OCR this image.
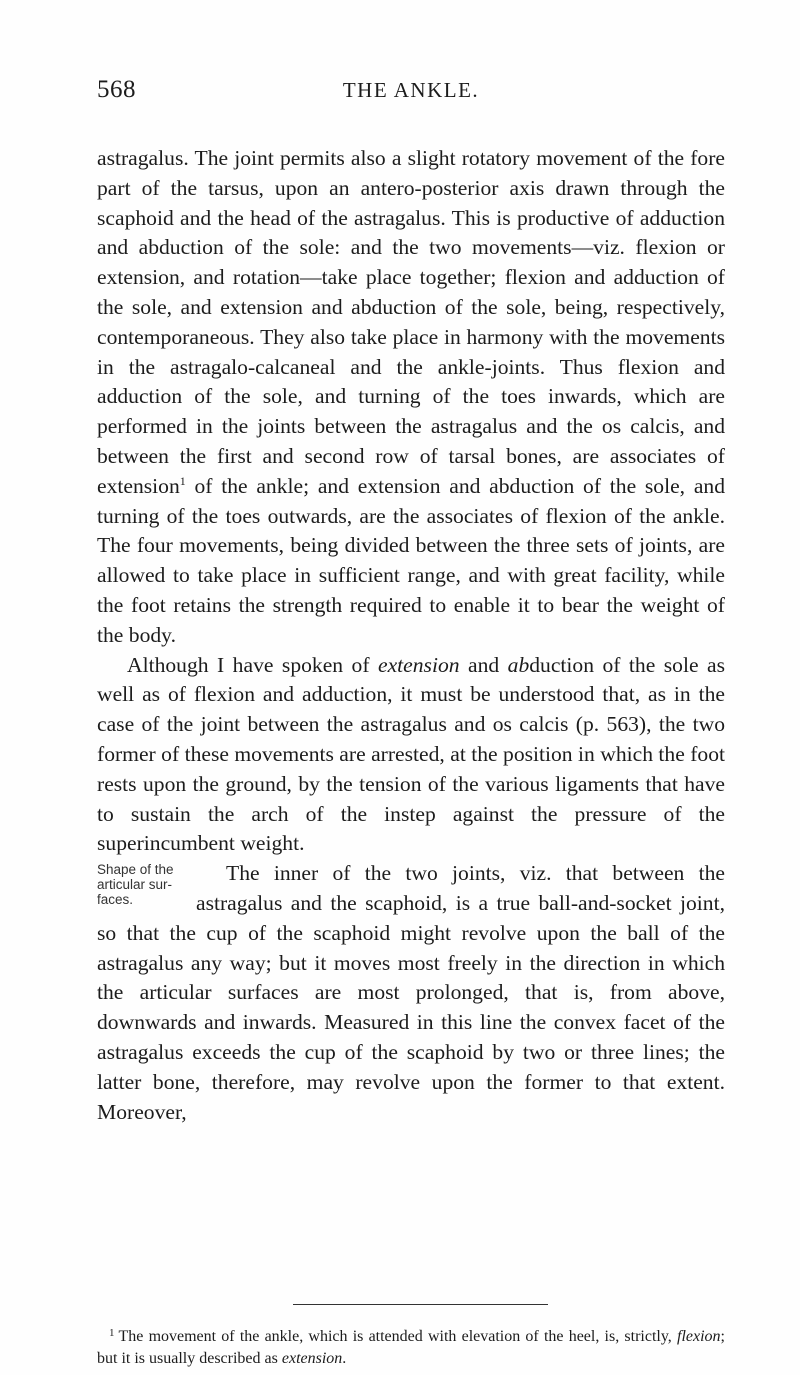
568	THE ANKLE.

astragalus. The joint permits also a slight rotatory movement of the fore part of the tarsus, upon an antero-posterior axis drawn through the scaphoid and the head of the astragalus. This is productive of adduction and abduction of the sole: and the two movements—viz. flexion or extension, and rotation—take place together; flexion and adduction of the sole, and extension and abduction of the sole, being, respectively, contemporaneous. They also take place in harmony with the movements in the astragalo-calcaneal and the ankle-joints. Thus flexion and adduction of the sole, and turning of the toes inwards, which are performed in the joints between the astragalus and the os calcis, and between the first and second row of tarsal bones, are associates of extension$^1$ of the ankle; and extension and abduction of the sole, and turning of the toes outwards, are the associates of flexion of the ankle. The four movements, being divided between the three sets of joints, are allowed to take place in sufficient range, and with great facility, while the foot retains the strength required to enable it to bear the weight of the body.

Although I have spoken of extension and abduction of the sole as well as of flexion and adduction, it must be understood that, as in the case of the joint between the astragalus and os calcis (p. 563), the two former of these movements are arrested, at the position in which the foot rests upon the ground, by the tension of the various ligaments that have to sustain the arch of the instep against the pressure of the superincumbent weight.

Shape of the articular sur- faces.

The inner of the two joints, viz. that between the astragalus and the scaphoid, is a true ball-and-socket joint, so that the cup of the scaphoid might revolve upon the ball of the astragalus any way; but it moves most freely in the direction in which the articular surfaces are most prolonged, that is, from above, downwards and inwards. Measured in this line the convex facet of the astragalus exceeds the cup of the scaphoid by two or three lines; the latter bone, therefore, may revolve upon the former to that extent. Moreover,

$^1$ The movement of the ankle, which is attended with elevation of the heel, is, strictly, flexion; but it is usually described as extension.
